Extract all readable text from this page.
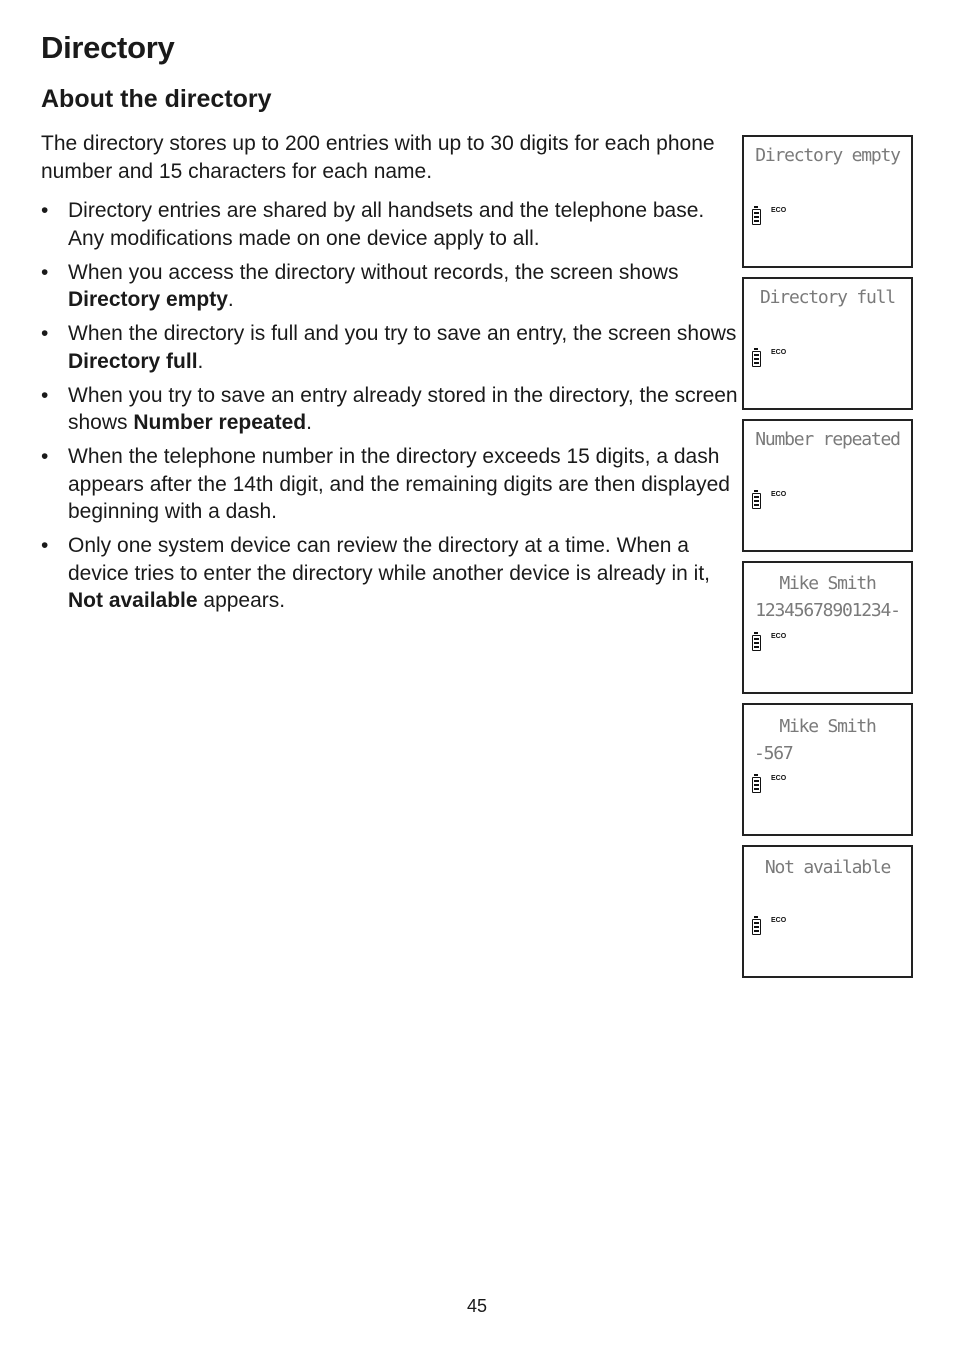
Directory
About the directory

The directory stores up to 200 entries with up to 30 digits for each phone number and 15 characters for each name.

• Directory entries are shared by all handsets and the telephone base. Any modifications made on one device apply to all.
• When you access the directory without records, the screen shows Directory empty.
• When the directory is full and you try to save an entry, the screen shows Directory full.
• When you try to save an entry already stored in the directory, the screen shows Number repeated.
• When the telephone number in the directory exceeds 15 digits, a dash appears after the 14th digit, and the remaining digits are then displayed beginning with a dash.
• Only one system device can review the directory at a time. When a device tries to enter the directory while another device is already in it, Not available appears.
Directory empty
ECO
Directory full
ECO
Number repeated
ECO
Mike Smith
12345678901234-
ECO
Mike Smith
-567
ECO
Not available
ECO

45
